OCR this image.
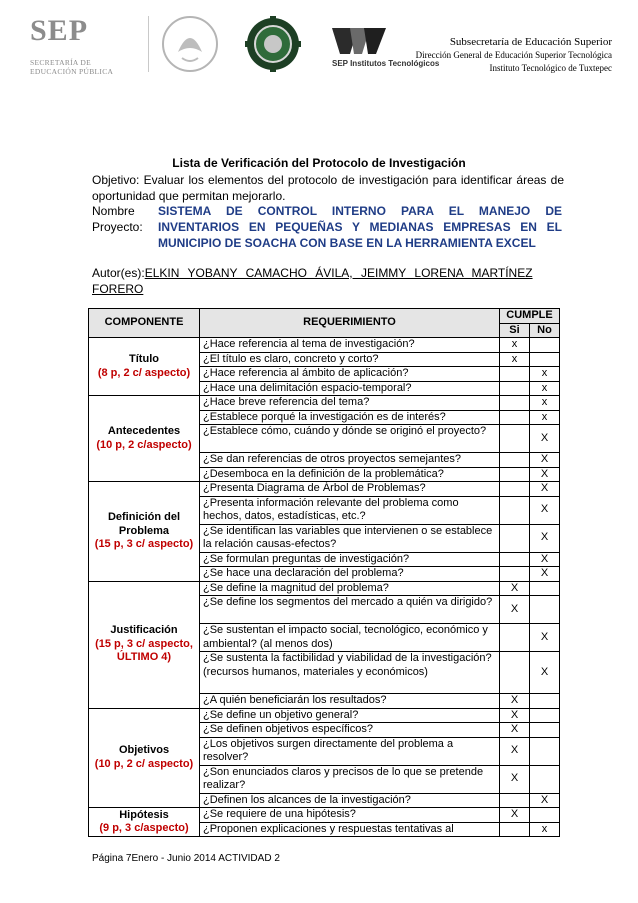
SEP
SECRETARÍA DE
EDUCACIÓN PÚBLICA
SEP Institutos Tecnológicos
Subsecretaría de Educación Superior
Dirección General de Educación Superior Tecnológica
Instituto Tecnológico de Tuxtepec
Lista de Verificación del Protocolo de Investigación
Objetivo: Evaluar los elementos del protocolo de investigación para identificar áreas de oportunidad que permitan mejorarlo.
Nombre Proyecto:
SISTEMA DE CONTROL INTERNO PARA EL MANEJO DE INVENTARIOS EN PEQUEÑAS Y MEDIANAS EMPRESAS EN EL MUNICIPIO DE SOACHA CON BASE EN LA HERRAMIENTA EXCEL
Autor(es):ELKIN YOBANY CAMACHO ÁVILA, JEIMMY LORENA MARTÍNEZ FORERO
COMPONENTE	REQUERIMIENTO	CUMPLE	
		Si	No

Título
(8 p, 2 c/ aspecto)	¿Hace referencia al tema de investigación?	x	
	¿El título es claro, concreto y corto?	x	
	¿Hace referencia al ámbito de aplicación?		x
	¿Hace una delimitación espacio-temporal?		x

Antecedentes
(10 p, 2 c/aspecto)	¿Hace breve referencia del tema?		x
	¿Establece porqué la investigación es de interés?		x
	¿Establece cómo, cuándo y dónde se originó el proyecto?		X
	¿Se dan referencias de otros proyectos semejantes?		X
	¿Desemboca en la definición de la problemática?		X

Definición del Problema
(15 p, 3 c/ aspecto)	¿Presenta Diagrama de Árbol de Problemas?		X
	¿Presenta información relevante del problema como hechos, datos, estadísticas, etc.?		X
	¿Se identifican las variables que intervienen o se establece la relación causas-efectos?		X
	¿Se formulan preguntas de investigación?		X
	¿Se hace una declaración del problema?		X

Justificación
(15 p, 3 c/ aspecto, ÚLTIMO 4)	¿Se define la magnitud del problema?	X	
	¿Se define los segmentos del mercado a quién va dirigido?	X	
	¿Se sustentan el impacto social, tecnológico, económico y ambiental? (al menos dos)		X
	¿Se sustenta la factibilidad y viabilidad de la investigación? (recursos humanos, materiales y económicos)		X
	¿A quién beneficiarán los resultados?	X	

Objetivos
(10 p, 2 c/ aspecto)	¿Se define un objetivo general?	X	
	¿Se definen objetivos específicos?	X	
	¿Los objetivos surgen directamente del problema a resolver?	X	
	¿Son enunciados claros y precisos de lo que se pretende realizar?	X	
	¿Definen los alcances de la investigación?		X

Hipótesis
(9 p, 3 c/aspecto)	¿Se requiere de una hipótesis?	X	
	¿Proponen explicaciones y respuestas tentativas al		x
Página 7Enero - Junio 2014 ACTIVIDAD 2
